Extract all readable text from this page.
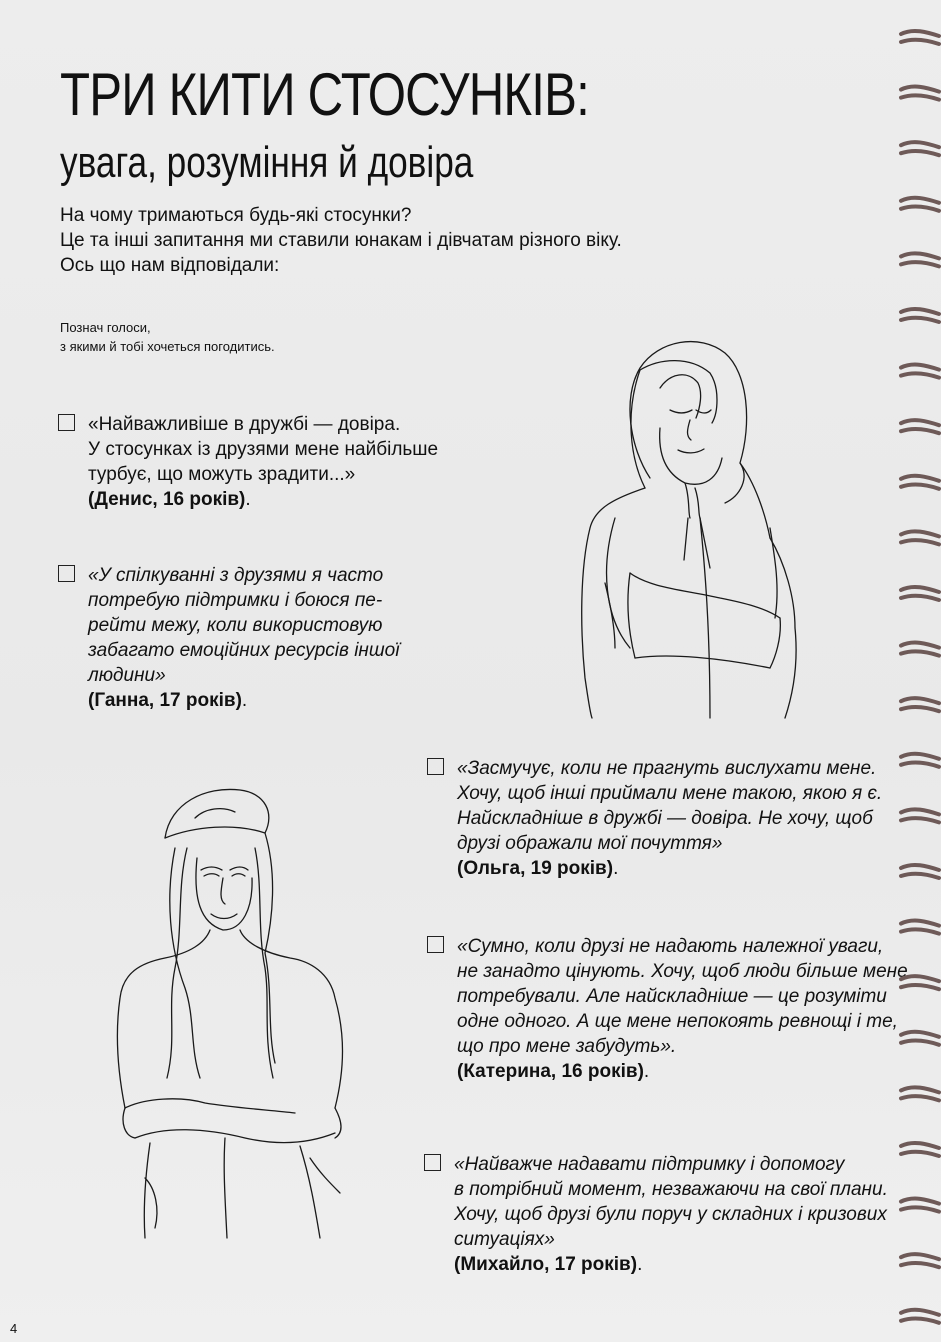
ТРИ КИТИ СТОСУНКІВ:
увага, розуміння й довіра
На чому тримаються будь-які стосунки?
Це та інші запитання ми ставили юнакам і дівчатам різного віку.
Ось що нам відповідали:
Познач голоси,
з якими й тобі хочеться погодитись.
«Найважливіше в дружбі — довіра.
У стосунках із друзями мене найбільше
турбує, що можуть зрадити...»
(Денис, 16 років).
«У спілкуванні з друзями я часто
потребую підтримки і боюся пе-
рейти межу, коли використовую
забагато емоційних ресурсів іншої
людини»
(Ганна, 17 років).
«Засмучує, коли не прагнуть вислухати мене.
Хочу, щоб інші приймали мене такою, якою я є.
Найскладніше в дружбі — довіра. Не хочу, щоб
друзі ображали мої почуття»
(Ольга, 19 років).
«Сумно, коли друзі не надають належної уваги,
не занадто цінують. Хочу, щоб люди більше мене
потребували. Але найскладніше — це розуміти
одне одного. А ще мене непокоять ревнощі і те,
що про мене забудуть».
(Катерина, 16 років).
«Найважче надавати підтримку і допомогу
в потрібний момент, незважаючи на свої плани.
Хочу, щоб друзі були поруч у складних і кризових
ситуаціях»
(Михайло, 17 років).
4
